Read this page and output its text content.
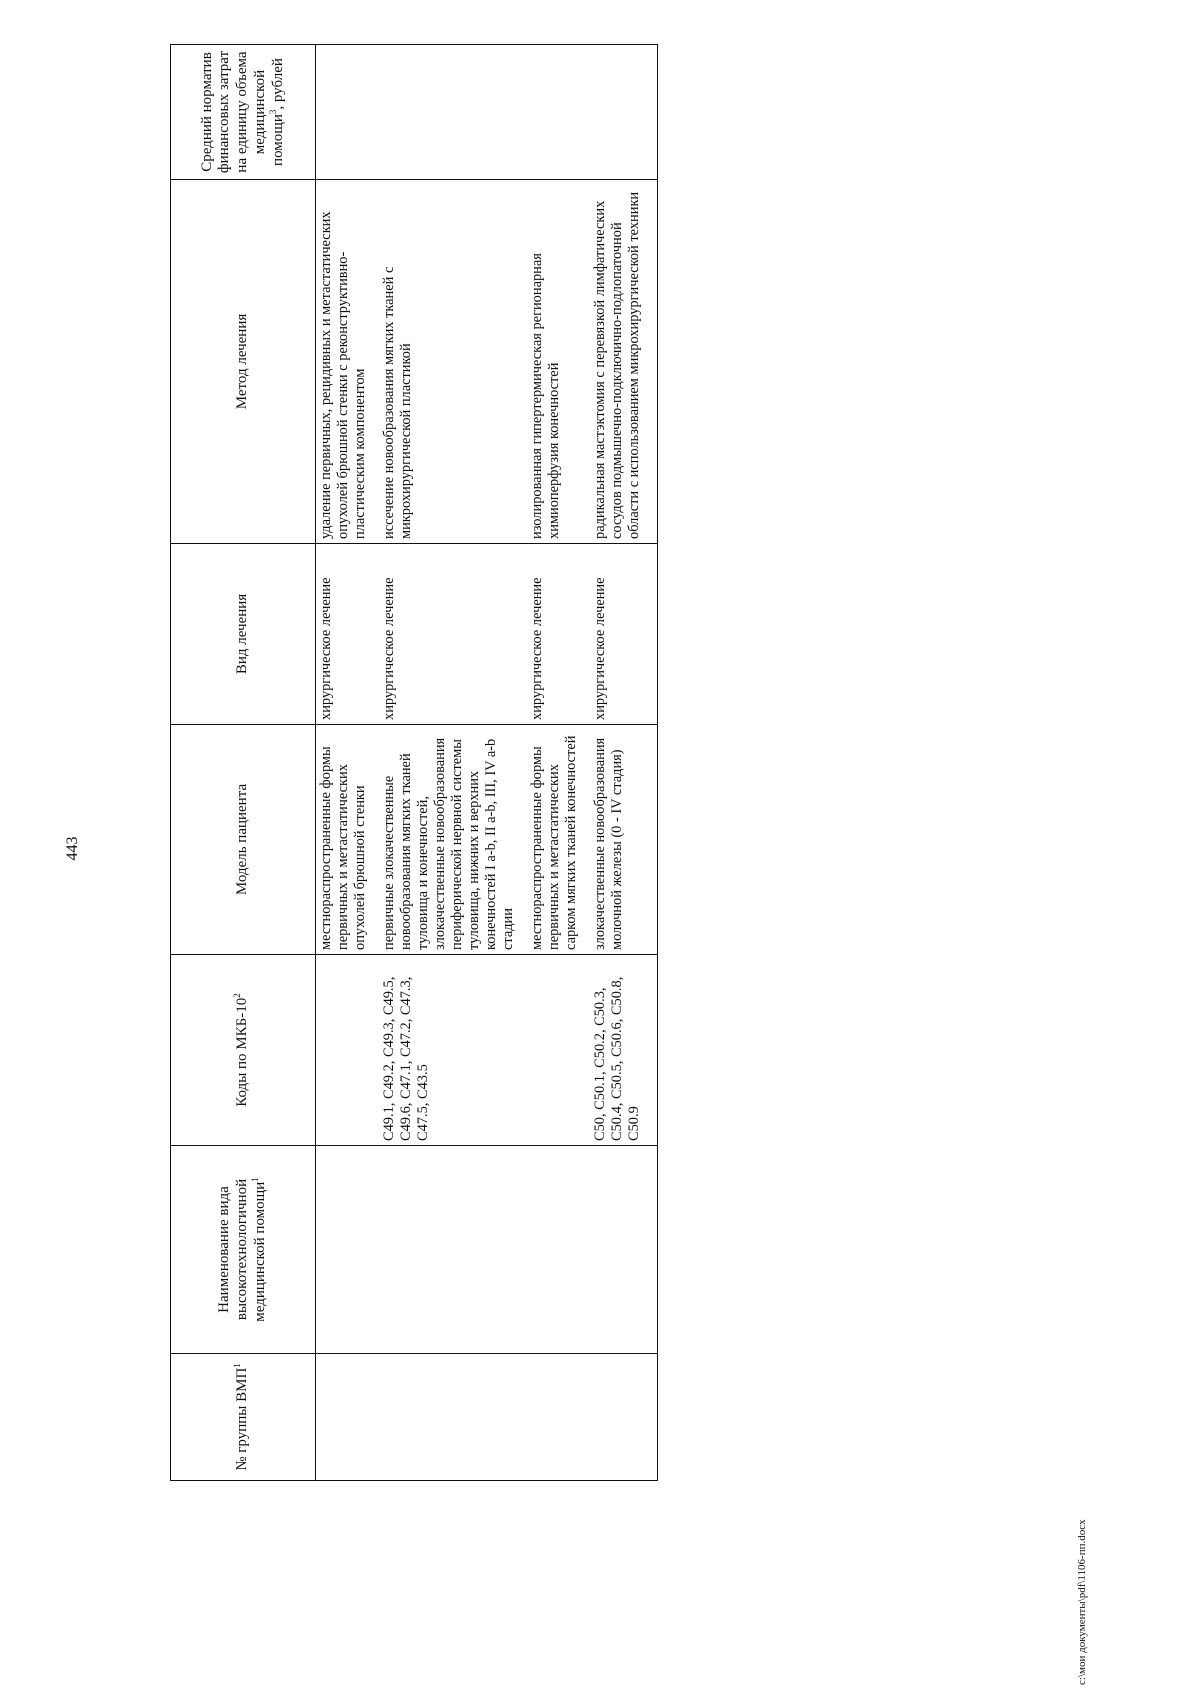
443
№ группы ВМП$^1$	Наименование вида высокотехнологичной медицинской помощи$^1$	Коды по МКБ-$10^2$	Модель пациента	Вид лечения	Метод лечения	Средний норматив финансовых затрат на единицу объема медицинской помощи$^3$, рублей
			местнораспространенные формы первичных и метастатических опухолей брюшной стенки	хирургическое лечение	удаление первичных, рецидивных и метастатических опухолей брюшной стенки с реконструктивно-пластическим компонентом	
		C49.1, C49.2, C49.3, C49.5, C49.6, C47.1, C47.2, C47.3, C47.5, C43.5	первичные злокачественные новообразования мягких тканей туловища и конечностей, злокачественные новообразования периферической нервной системы туловища, нижних и верхних конечностей I a-b, II a-b, III, IV a-b стадии	хирургическое лечение	иссечение новообразования мягких тканей с микрохирургической пластикой	
			местнораспространенные формы первичных и метастатических сарком мягких тканей конечностей	хирургическое лечение	изолированная гипертермическая регионарная химиоперфузия конечностей	
		C50, C50.1, C50.2, C50.3, C50.4, C50.5, C50.6, C50.8, C50.9	злокачественные новообразования молочной железы (0 - IV стадия)	хирургическое лечение	радикальная мастэктомия с перевязкой лимфатических сосудов подмышечно-подключично-подлопаточной области с использованием микрохирургической техники	
c:\мои документы\pdf\1106-пп.docx
